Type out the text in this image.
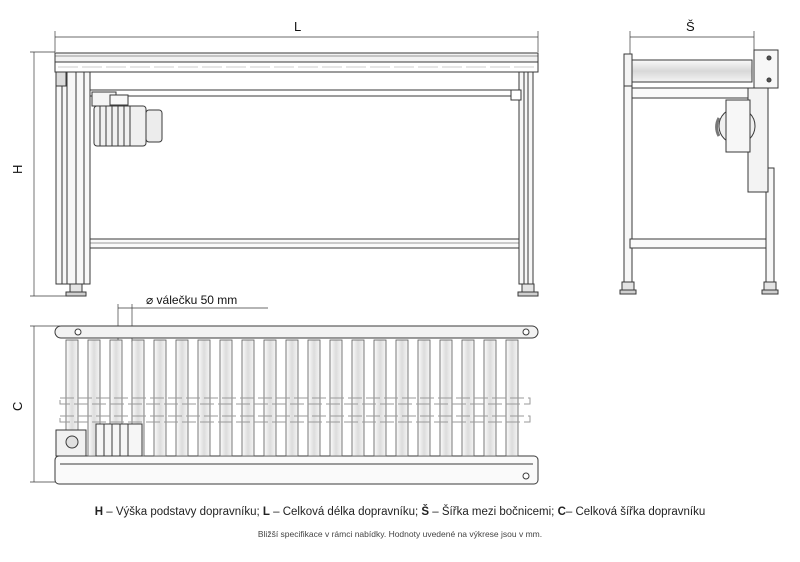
L
H
Š
C
⌀ válečku 50 mm
H – Výška podstavy dopravníku; L – Celková délka dopravníku; Š – Šířka mezi bočnicemi; C– Celková šířka dopravníku
Bližší specifikace v rámci nabídky. Hodnoty uvedené na výkrese jsou v mm.
